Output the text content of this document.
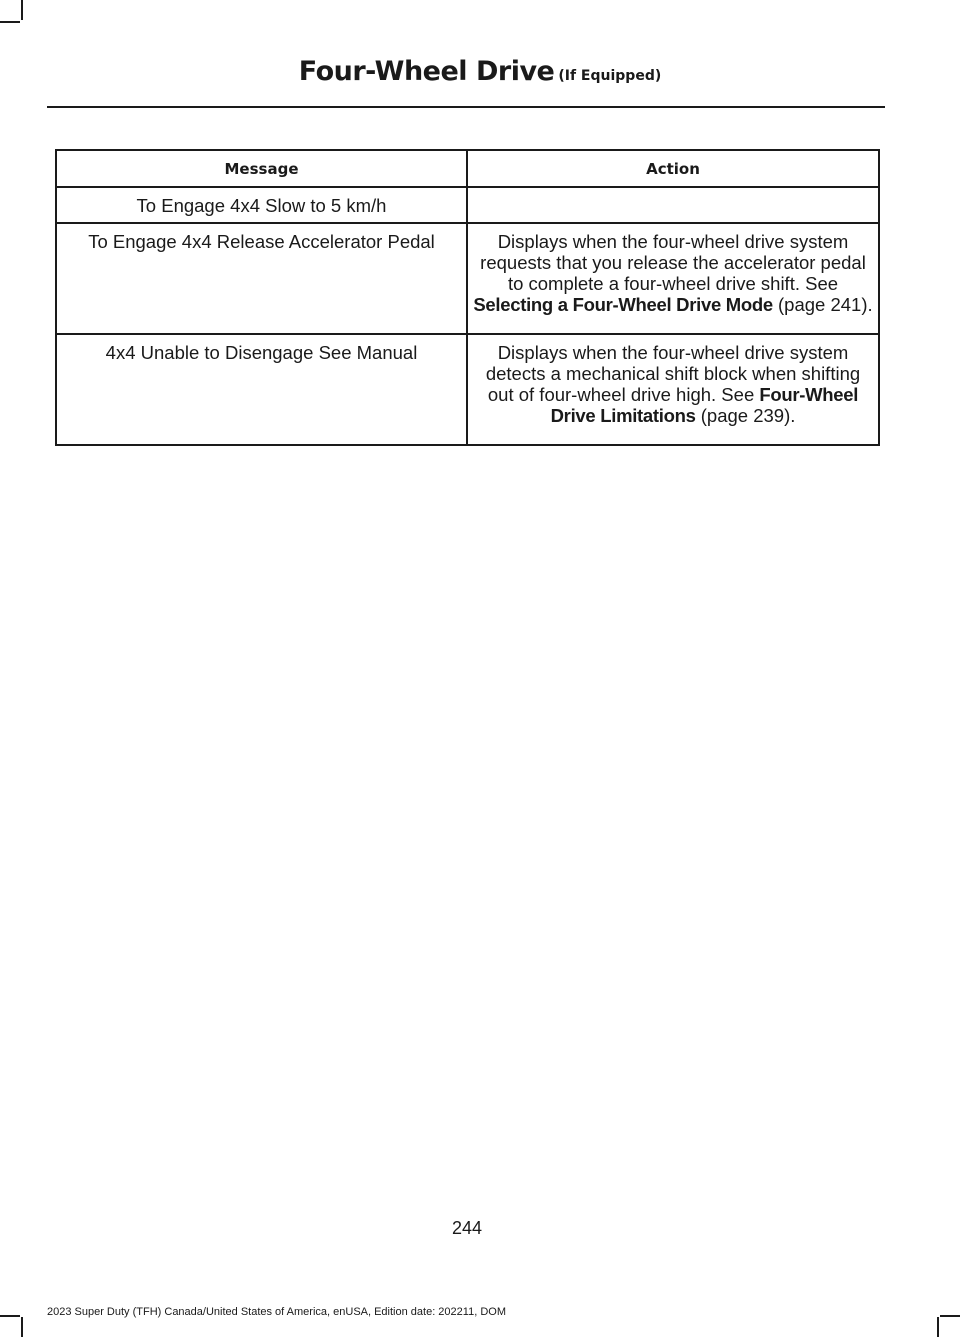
Four-Wheel Drive (If Equipped)
Message	Action
To Engage 4x4 Slow to 5 km/h	
To Engage 4x4 Release Accelerator Pedal	Displays when the four-wheel drive system requests that you release the accelerator pedal to complete a four-wheel drive shift. See Selecting a Four-Wheel Drive Mode (page 241).
4x4 Unable to Disengage See Manual	Displays when the four-wheel drive system detects a mechanical shift block when shifting out of four-wheel drive high. See Four-Wheel Drive Limitations (page 239).
244
2023 Super Duty (TFH) Canada/United States of America, enUSA, Edition date: 202211, DOM
